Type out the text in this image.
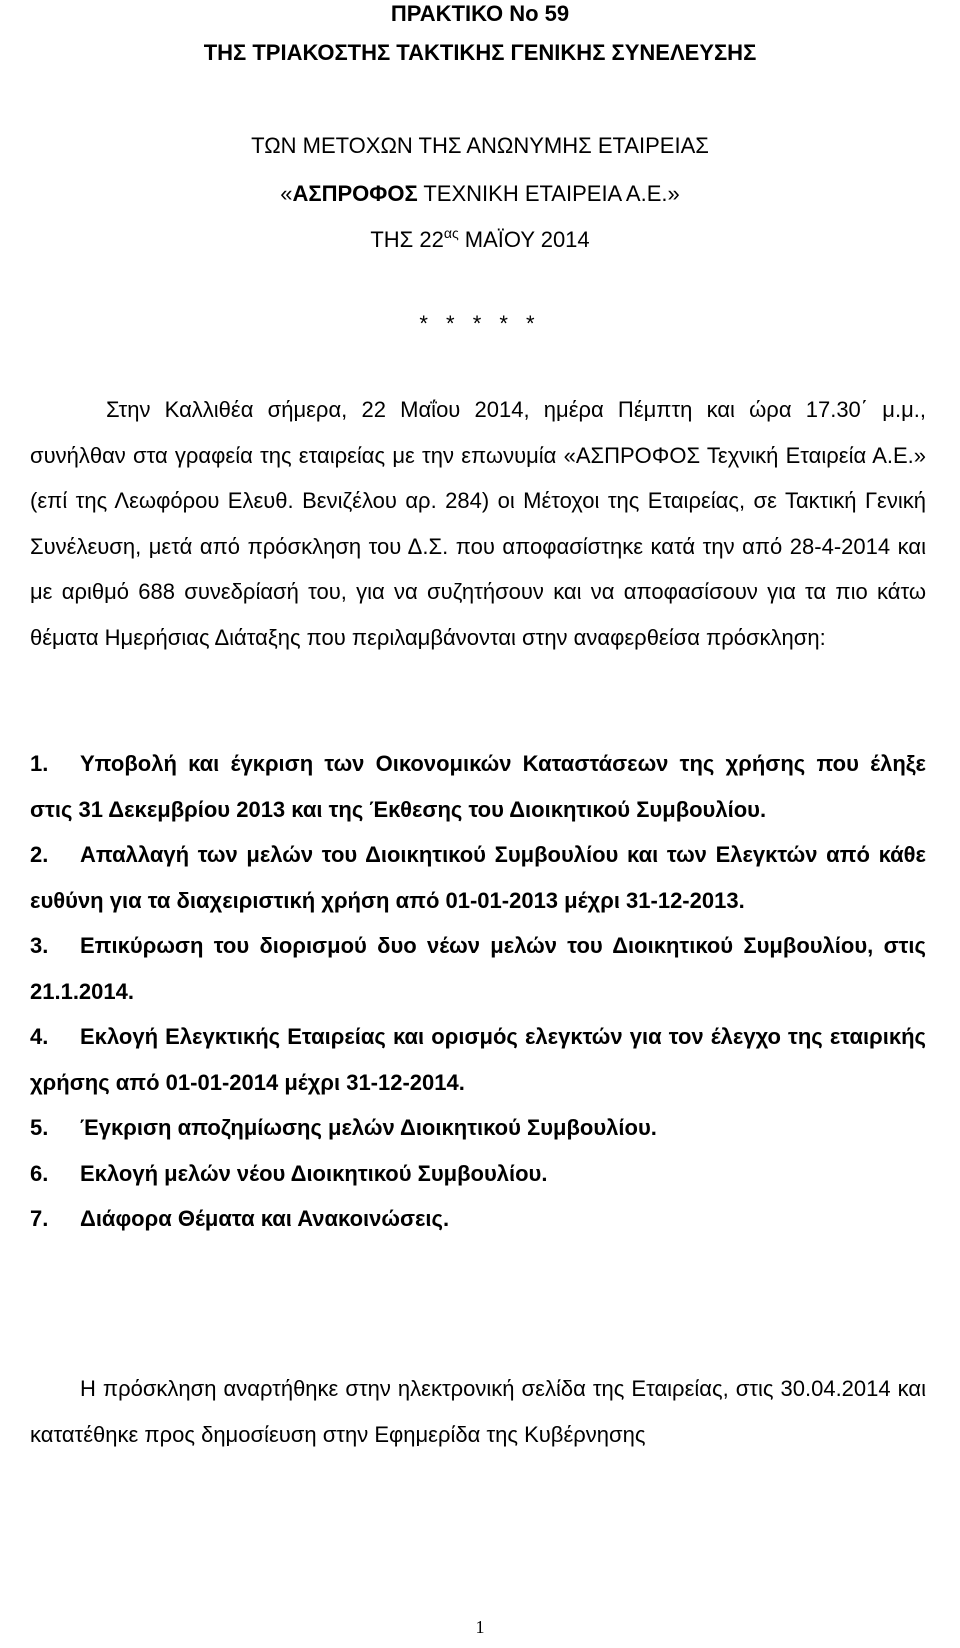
ΠΡΑΚΤΙΚΟ Νο 59
ΤΗΣ ΤΡΙΑΚΟΣΤΗΣ ΤΑΚΤΙΚΗΣ ΓΕΝΙΚΗΣ ΣΥΝΕΛΕΥΣΗΣ
ΤΩΝ ΜΕΤΟΧΩΝ ΤΗΣ ΑΝΩΝΥΜΗΣ ΕΤΑΙΡΕΙΑΣ
«ΑΣΠΡΟΦΟΣ ΤΕΧΝΙΚΗ ΕΤΑΙΡΕΙΑ Α.Ε.»
ΤΗΣ $22^{\alpha\varsigma}$ ΜΑΪΟΥ 2014
* * * * *

Στην Καλλιθέα σήμερα, 22 Μαΐου 2014, ημέρα Πέμπτη και ώρα 17.30΄ μ.μ., συνήλθαν στα γραφεία της εταιρείας με την επωνυμία «ΑΣΠΡΟΦΟΣ Τεχνική Εταιρεία Α.Ε.» (επί της Λεωφόρου Ελευθ. Βενιζέλου αρ. 284) οι Μέτοχοι της Εταιρείας, σε Τακτική Γενική Συνέλευση, μετά από πρόσκληση του Δ.Σ. που αποφασίστηκε κατά την από 28-4-2014 και με αριθμό 688 συνεδρίασή του, για να συζητήσουν και να αποφασίσουν για τα πιο κάτω θέματα Ημερήσιας Διάταξης που περιλαμβάνονται στην αναφερθείσα πρόσκληση:

1. Υποβολή και έγκριση των Οικονομικών Καταστάσεων της χρήσης που έληξε στις 31 Δεκεμβρίου 2013 και της Έκθεσης του Διοικητικού Συμβουλίου.
2. Απαλλαγή των μελών του Διοικητικού Συμβουλίου και των Ελεγκτών από κάθε ευθύνη για τα διαχειριστική χρήση από 01-01-2013 μέχρι 31-12-2013.
3. Επικύρωση του διορισμού δυο νέων μελών του Διοικητικού Συμβουλίου, στις 21.1.2014.
4. Εκλογή Ελεγκτικής Εταιρείας και ορισμός ελεγκτών για τον έλεγχο της εταιρικής χρήσης από 01-01-2014 μέχρι 31-12-2014.
5. Έγκριση αποζημίωσης μελών Διοικητικού Συμβουλίου.
6. Εκλογή μελών νέου Διοικητικού Συμβουλίου.
7. Διάφορα Θέματα και Ανακοινώσεις.

Η πρόσκληση αναρτήθηκε στην ηλεκτρονική σελίδα της Εταιρείας, στις 30.04.2014 και κατατέθηκε προς δημοσίευση στην Εφημερίδα της Κυβέρνησης

1
